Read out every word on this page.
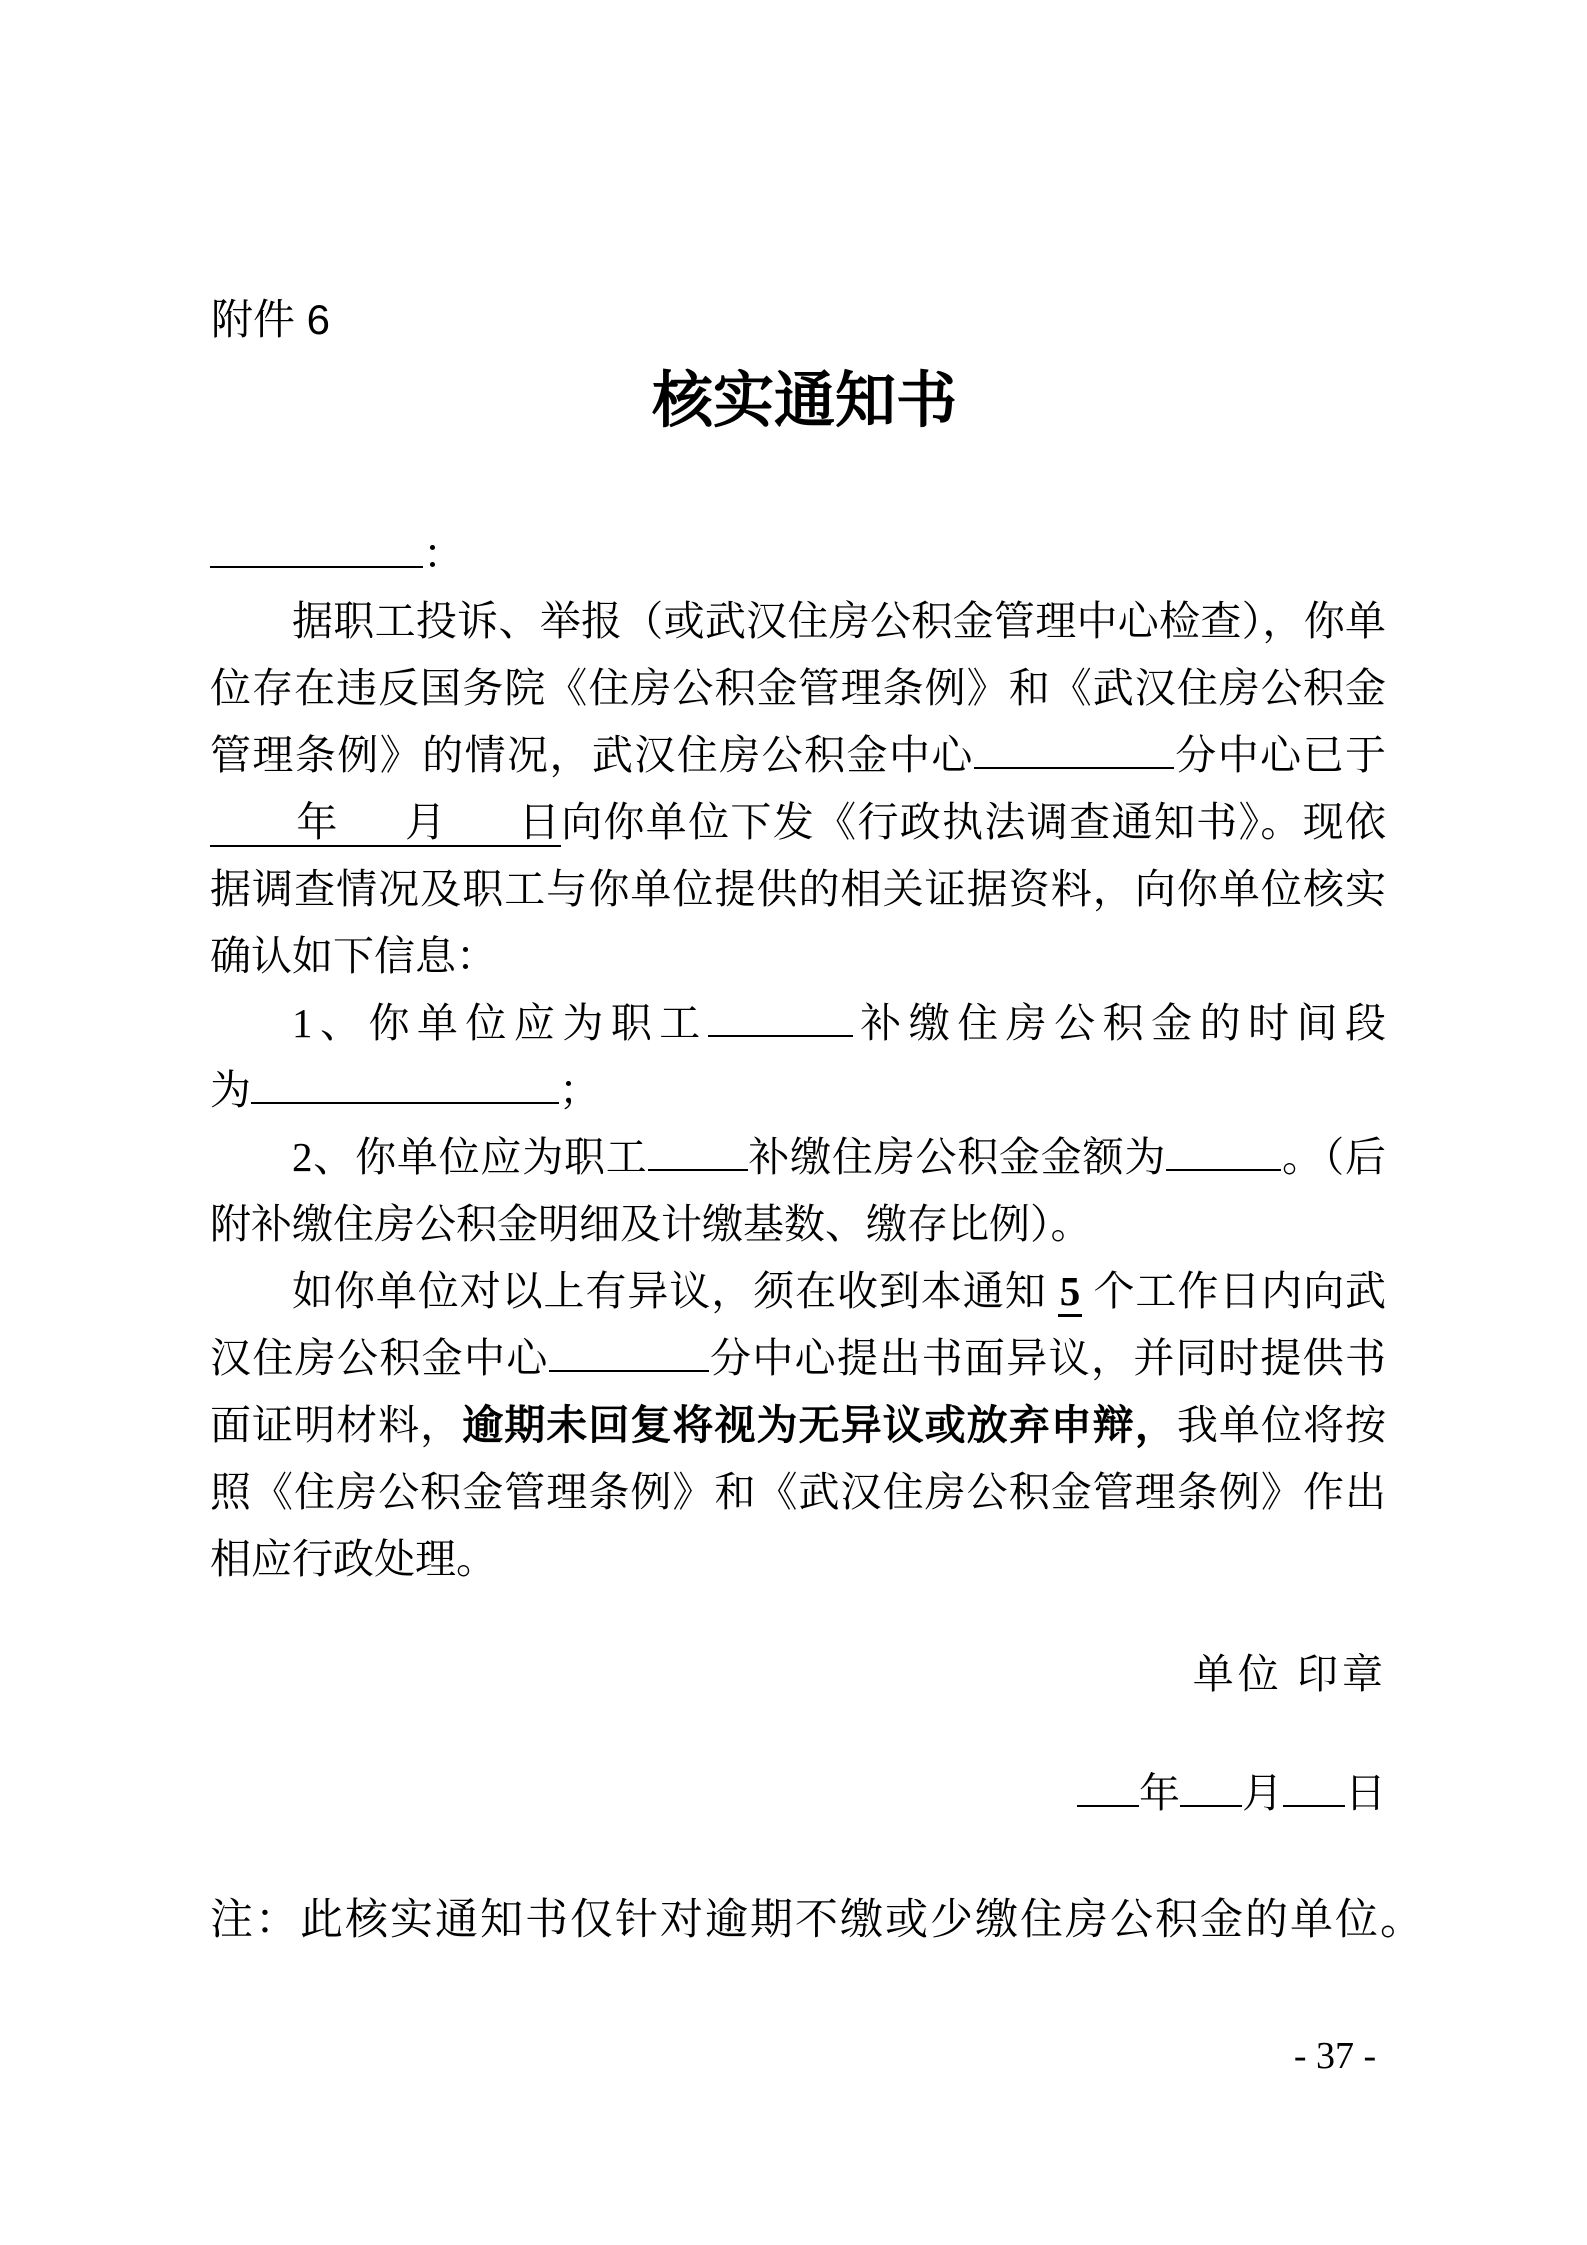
附件 6
核实通知书

：

据职工投诉、举报（或武汉住房公积金管理中心检查），你单位存在违反国务院《住房公积金管理条例》和《武汉住房公积金管理条例》的情况，武汉住房公积金中心	分中心已于年 月 日向你单位下发《行政执法调查通知书》。现依据调查情况及职工与你单位提供的相关证据资料，向你单位核实确认如下信息：

1、你单位应为职工	补缴住房公积金的时间段为	；

2、你单位应为职工 补缴住房公积金金额为	。（后附补缴住房公积金明细及计缴基数、缴存比例）。

如你单位对以上有异议，须在收到本通知 5 个工作日内向武汉住房公积金中心	分中心提出书面异议，并同时提供书面证明材料，逾期未回复将视为无异议或放弃申辩，我单位将按照《住房公积金管理条例》和《武汉住房公积金管理条例》作出相应行政处理。

单位 印章
年 月 日
注：此核实通知书仅针对逾期不缴或少缴住房公积金的单位。
- 37 -
